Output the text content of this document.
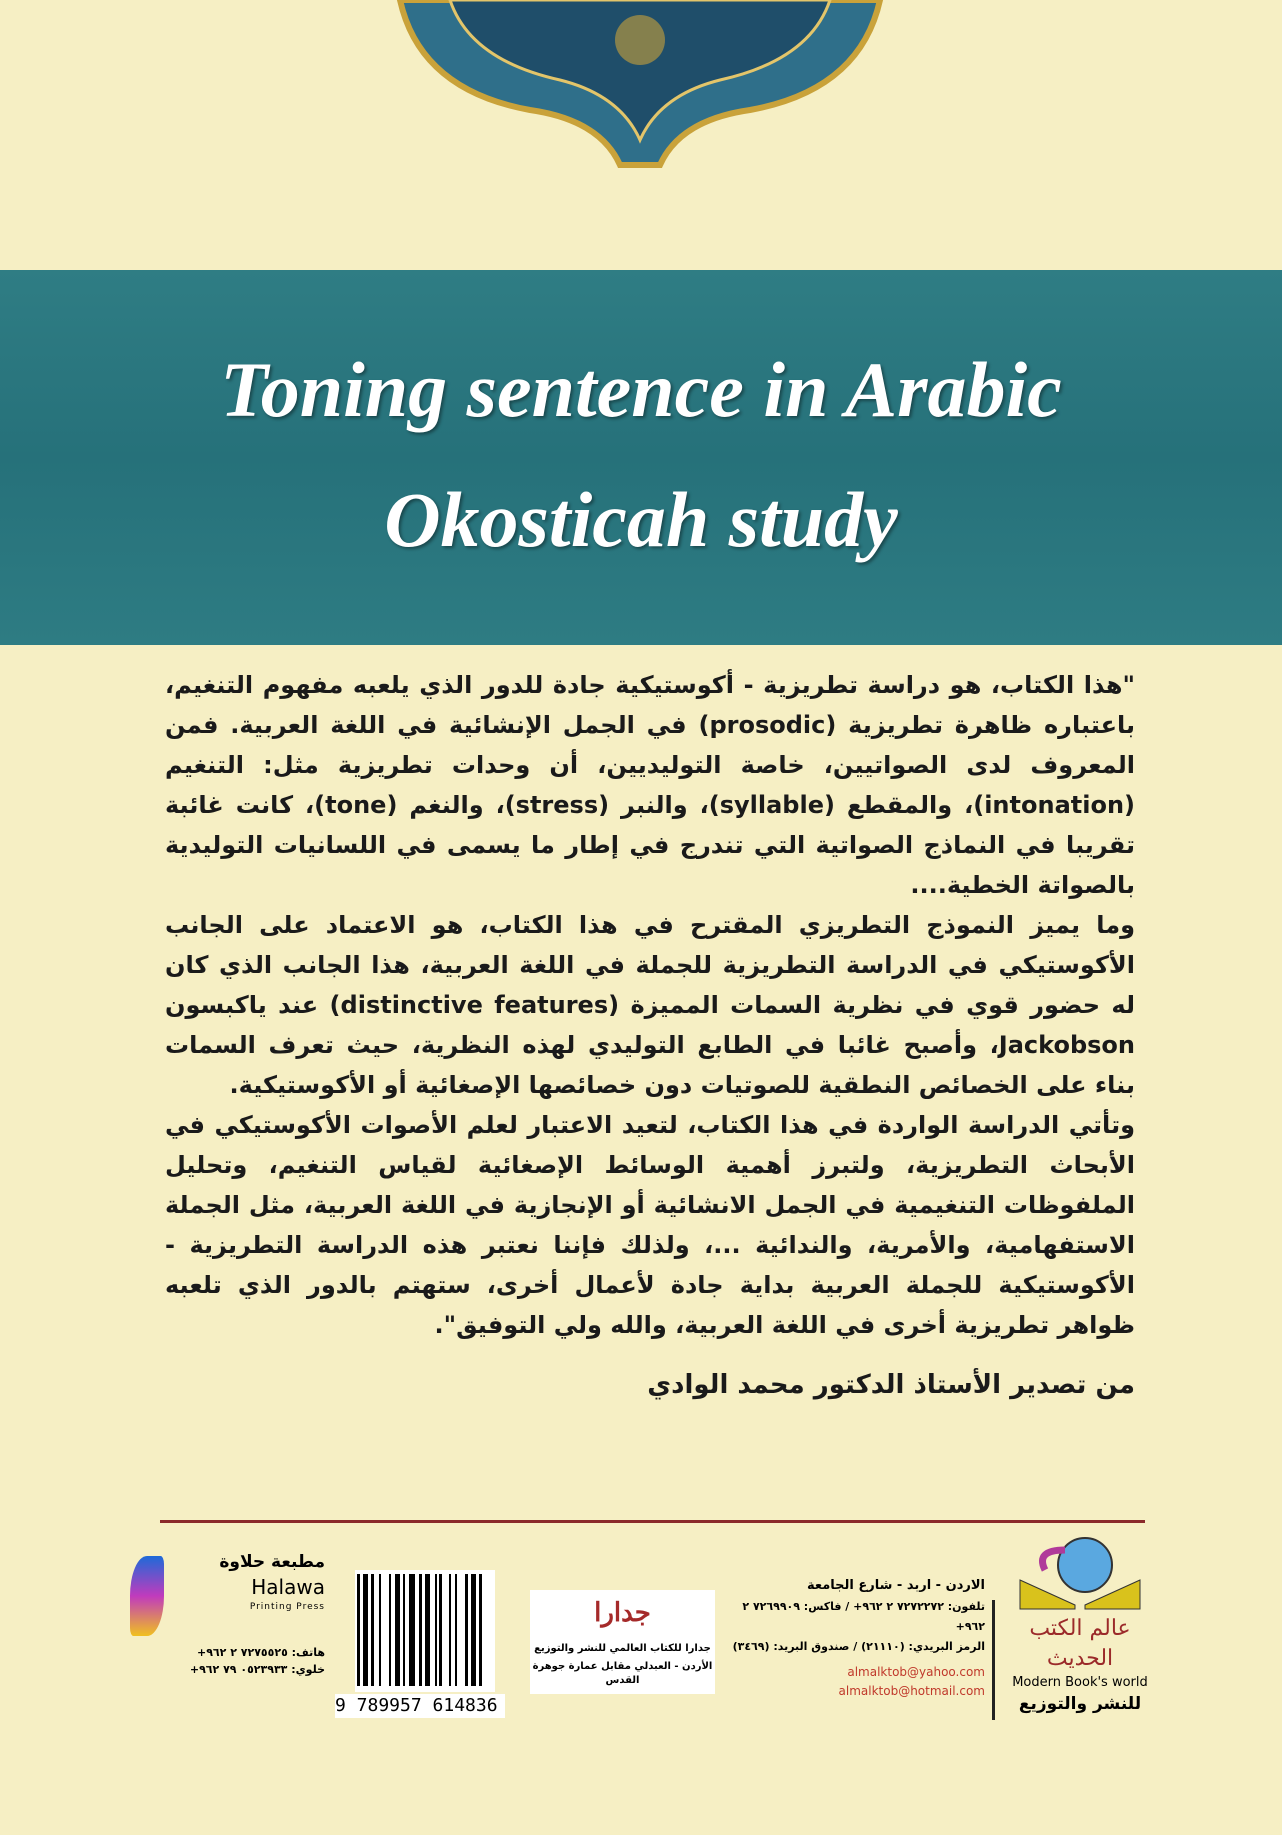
Toning sentence in Arabic
Okosticah study

"هذا الكتاب، هو دراسة تطريزية - أكوستيكية جادة للدور الذي يلعبه مفهوم التنغيم، باعتباره ظاهرة تطريزية (prosodic) في الجمل الإنشائية في اللغة العربية. فمن المعروف لدى الصواتيين، خاصة التوليديين، أن وحدات تطريزية مثل: التنغيم (intonation)، والمقطع (syllable)، والنبر (stress)، والنغم (tone)، كانت غائبة تقريبا في النماذج الصواتية التي تندرج في إطار ما يسمى في اللسانيات التوليدية بالصواتة الخطية....

وما يميز النموذج التطريزي المقترح في هذا الكتاب، هو الاعتماد على الجانب الأكوستيكي في الدراسة التطريزية للجملة في اللغة العربية، هذا الجانب الذي كان له حضور قوي في نظرية السمات المميزة (distinctive features) عند ياكبسون Jackobson، وأصبح غائبا في الطابع التوليدي لهذه النظرية، حيث تعرف السمات بناء على الخصائص النطقية للصوتيات دون خصائصها الإصغائية أو الأكوستيكية.

وتأتي الدراسة الواردة في هذا الكتاب، لتعيد الاعتبار لعلم الأصوات الأكوستيكي في الأبحاث التطريزية، ولتبرز أهمية الوسائط الإصغائية لقياس التنغيم، وتحليل الملفوظات التنغيمية في الجمل الانشائية أو الإنجازية في اللغة العربية، مثل الجملة الاستفهامية، والأمرية، والندائية ...، ولذلك فإننا نعتبر هذه الدراسة التطريزية - الأكوستيكية للجملة العربية بداية جادة لأعمال أخرى، ستهتم بالدور الذي تلعبه ظواهر تطريزية أخرى في اللغة العربية، والله ولي التوفيق".

من تصدير الأستاذ الدكتور محمد الوادي
عالم الكتب الحديث
Modern Book's world
للنشر والتوزيع
الاردن - اربد - شارع الجامعة
تلفون: ٧٢٧٢٢٧٢ ٢ ٩٦٢+ / فاكس: ٧٢٦٩٩٠٩ ٢ ٩٦٢+
الرمز البريدي: (٢١١١٠) / صندوق البريد: (٣٤٦٩)
almalktob@yahoo.com
almalktob@hotmail.com
جدارا
جدارا للكتاب العالمي للنشر والتوزيع
الأردن - العبدلي مقابل عمارة جوهرة القدس
9 789957 614836
مطبعة حلاوة
Halawa
Printing Press
هاتف: ٧٢٧٥٥٢٥ ٢ ٩٦٢+
خلوي: ٠٥٢٣٩٣٣ ٧٩ ٩٦٢+
